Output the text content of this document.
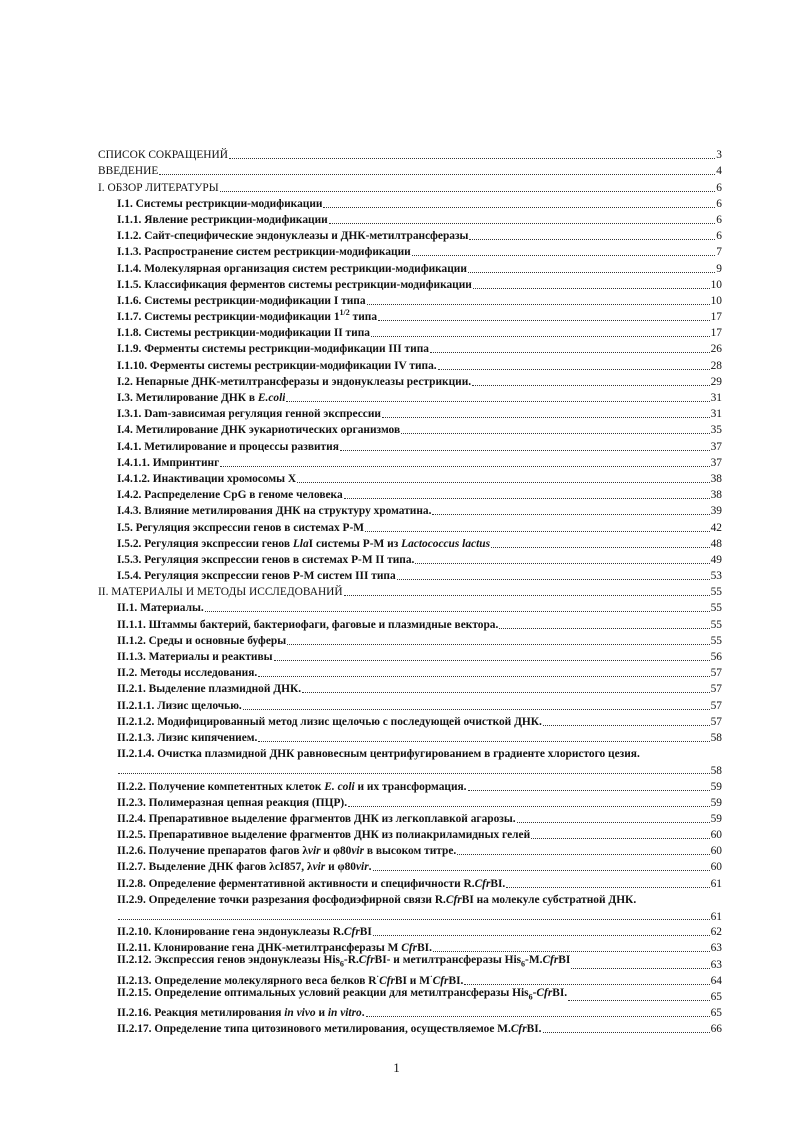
СПИСОК СОКРАЩЕНИЙ	3
ВВЕДЕНИЕ	4
I. ОБЗОР ЛИТЕРАТУРЫ	6
I.1. Системы рестрикции-модификации	6
I.1.1. Явление рестрикции-модификации	6
I.1.2. Сайт-специфические эндонуклеазы и ДНК-метилтрансферазы	6
I.1.3. Распространение систем рестрикции-модификации	7
I.1.4. Молекулярная организация систем рестрикции-модификации	9
I.1.5. Классификация ферментов системы рестрикции-модификации	10
I.1.6. Системы рестрикции-модификации I типа	10
I.1.7. Системы рестрикции-модификации $1^{1/2}$ типа	17
I.1.8. Системы рестрикции-модификации II типа	17
I.1.9. Ферменты системы рестрикции-модификации III типа	26
I.1.10. Ферменты системы рестрикции-модификации IV типа.	28
I.2. Непарные ДНК-метилтрансферазы и эндонуклеазы рестрикции.	29
I.3. Метилирование ДНК в E.coli	31
I.3.1. Dam-зависимая регуляция генной экспрессии	31
I.4. Метилирование ДНК эукариотических организмов	35
I.4.1. Метилирование и процессы развития	37
I.4.1.1. Импринтинг	37
I.4.1.2. Инактивации хромосомы X	38
I.4.2. Распределение CpG в геноме человека	38
I.4.3. Влияние метилирования ДНК на структуру хроматина.	39
I.5. Регуляция экспрессии генов в системах Р-М	42
I.5.2. Регуляция экспрессии генов LlaI системы Р-М из Lactococcus lactus	48
I.5.3. Регуляция экспрессии генов в системах Р-М II типа.	49
I.5.4. Регуляция экспрессии генов Р-М систем III типа	53
II. МАТЕРИАЛЫ И МЕТОДЫ ИССЛЕДОВАНИЙ	55
II.1. Материалы.	55
II.1.1. Штаммы бактерий, бактериофаги, фаговые и плазмидные вектора.	55
II.1.2. Среды и основные буферы	55
II.1.3. Материалы и реактивы	56
II.2. Методы исследования.	57
II.2.1. Выделение плазмидной ДНК.	57
II.2.1.1. Лизис щелочью.	57
II.2.1.2. Модифицированный метод лизис щелочью с последующей очисткой ДНК.	57
II.2.1.3. Лизис кипячением.	58
II.2.1.4. Очистка плазмидной ДНК равновесным центрифугированием в градиенте хлористого цезия.
58
II.2.2. Получение компетентных клеток E. coli и их трансформация.	59
II.2.3. Полимеразная цепная реакция (ПЦР).	59
II.2.4. Препаративное выделение фрагментов ДНК из легкоплавкой агарозы.	59
II.2.5. Препаративное выделение фрагментов ДНК из полиакриламидных гелей	60
II.2.6. Получение препаратов фагов λvir и φ80vir в высоком титре.	60
II.2.7. Выделение ДНК фагов λcI857, λvir и φ80vir.	60
II.2.8. Определение ферментативной активности и специфичности R.CfrBI.	61
II.2.9. Определение точки разрезания фосфодиэфирной связи R.CfrBI на молекуле субстратной ДНК.
61
II.2.10. Клонирование гена эндонуклеазы R.CfrBI	62
II.2.11. Клонирование гена ДНК-метилтрансферазы M CfrBI.	63
II.2.12. Экспрессия генов эндонуклеазы His$_6$-R.CfrBI- и метилтрансферазы His$_6$-M.CfrBI	63
II.2.13. Определение молекулярного веса белков R·CfrBI и M·CfrBI.	64
II.2.15. Определение оптимальных условий реакции для метилтрансферазы His$_6$-CfrBI.	65
II.2.16. Реакция метилирования in vivo и in vitro.	65
II.2.17. Определение типа цитозинового метилирования, осуществляемое M.CfrBI.	66
1
